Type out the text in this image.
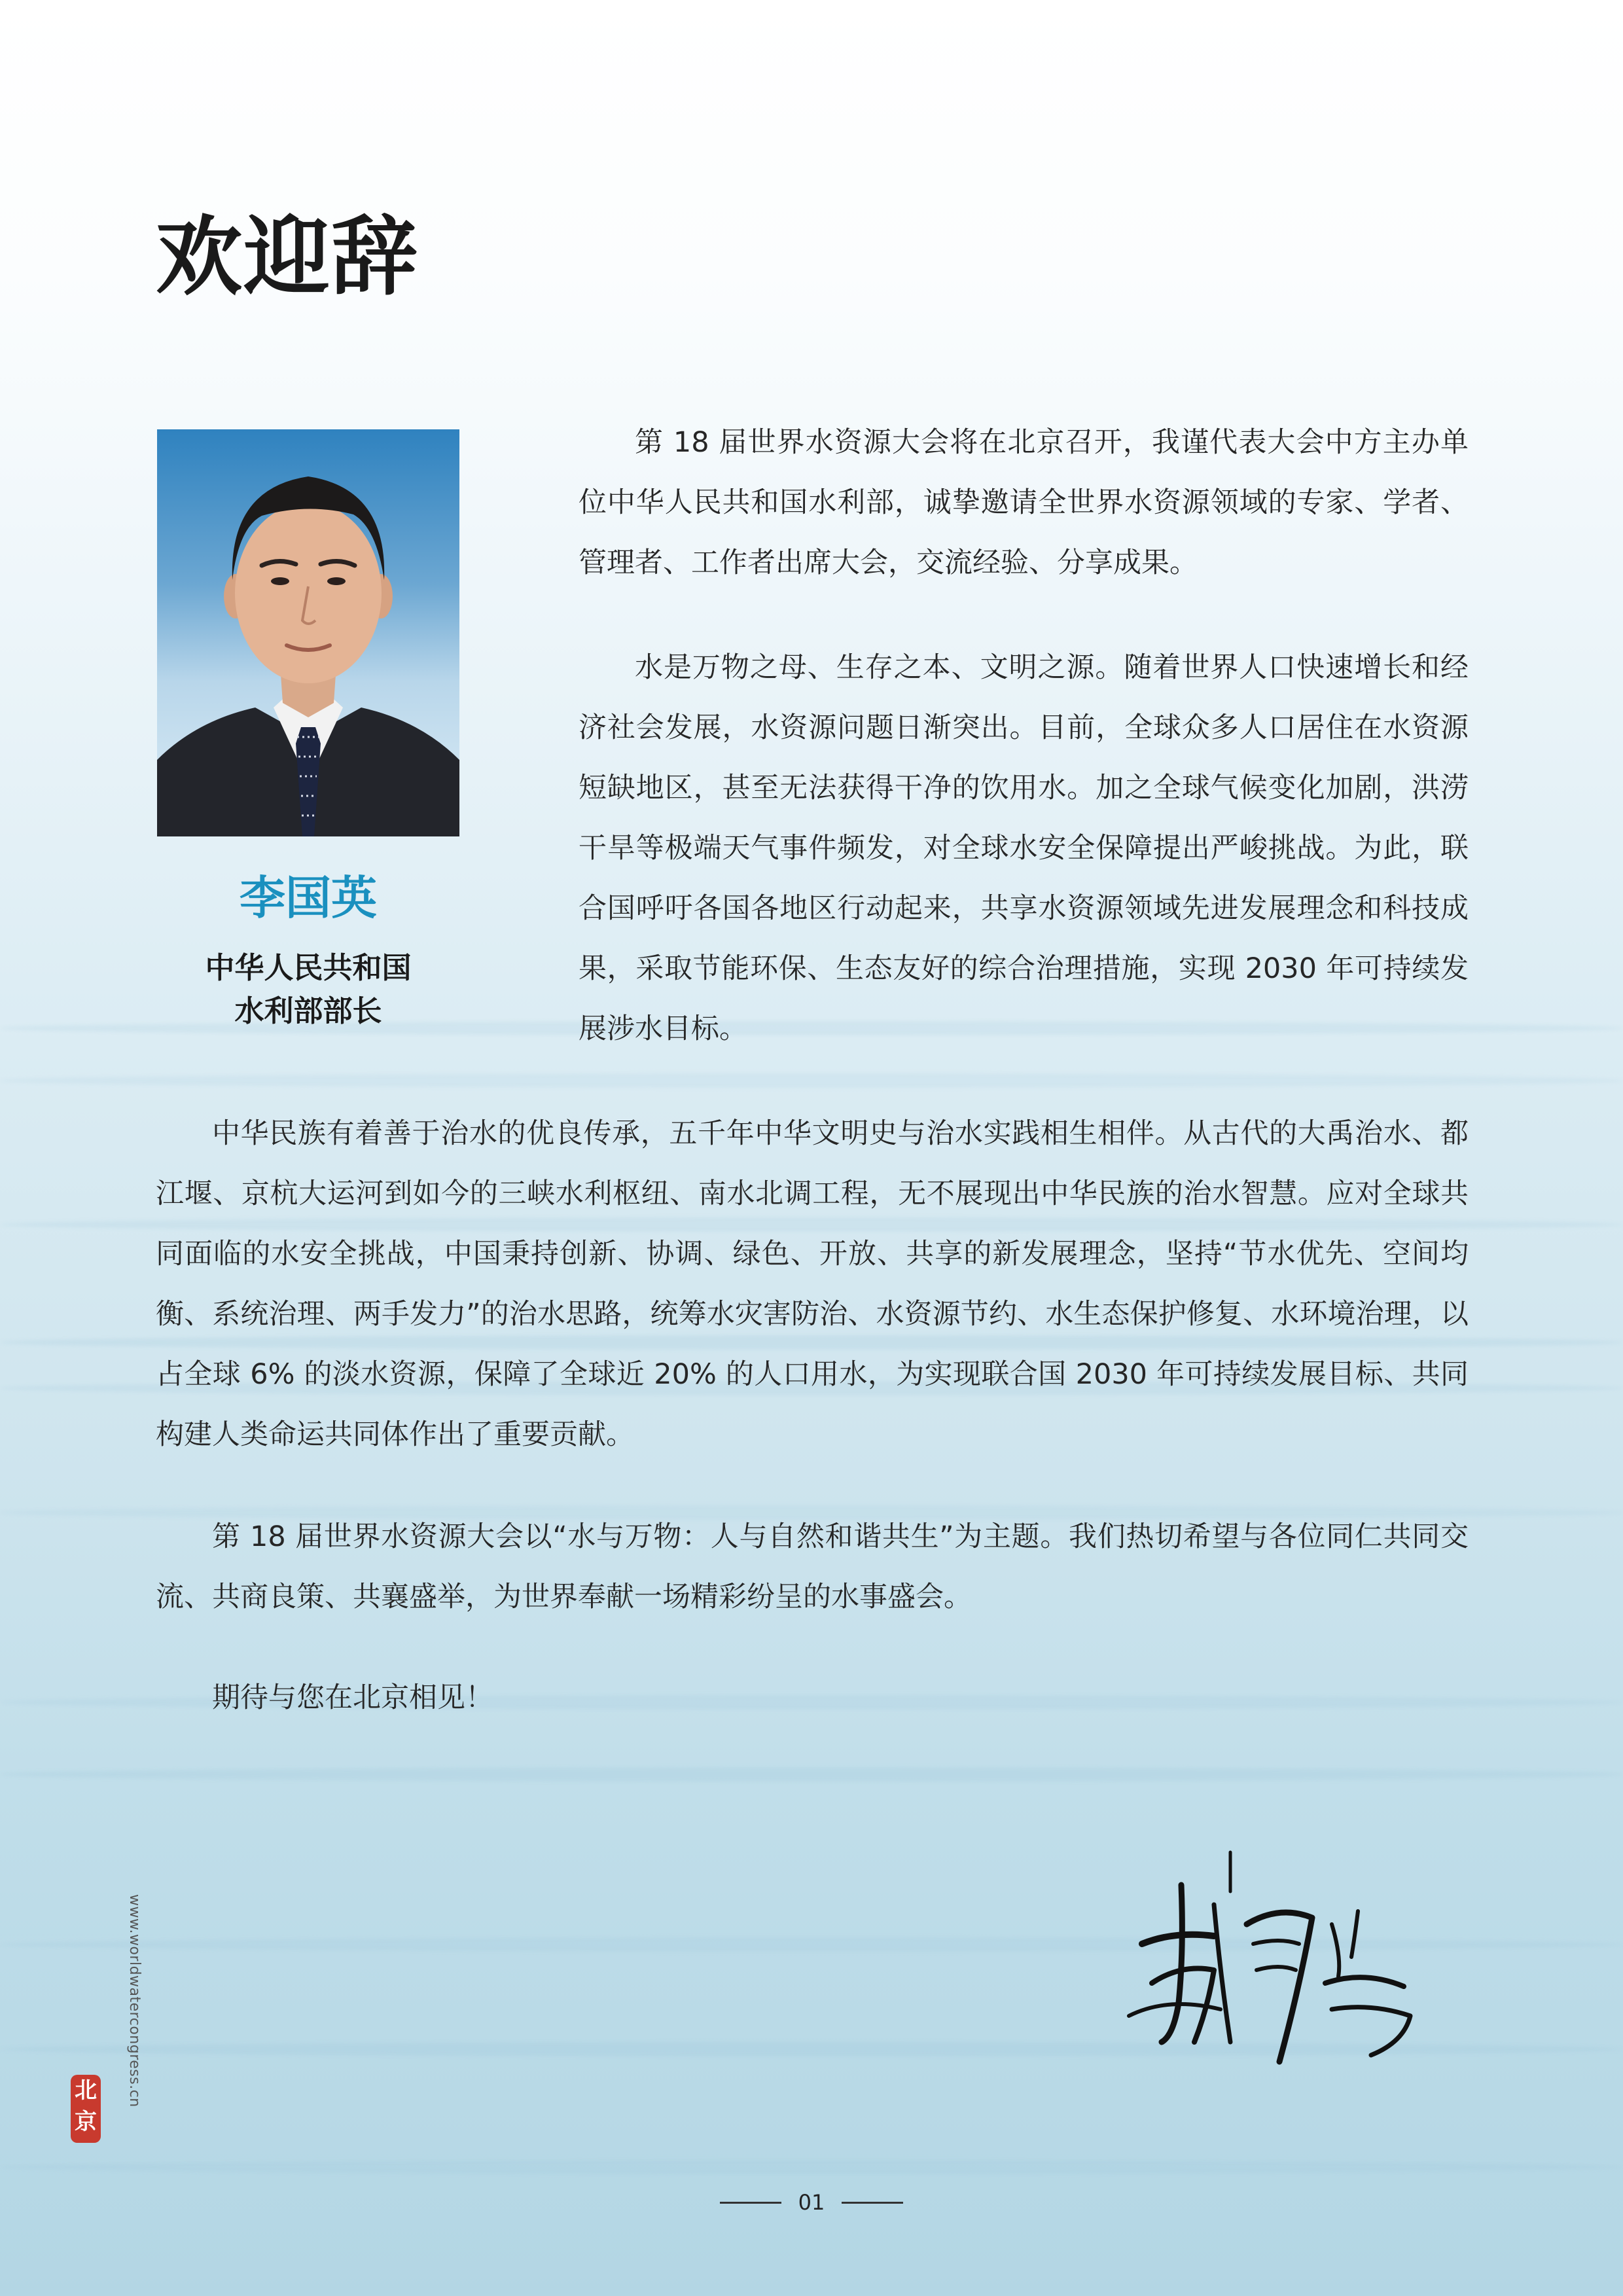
欢迎辞

李国英

中华人民共和国
水利部部长

第 18 届世界水资源大会将在北京召开，我谨代表大会中方主办单位中华人民共和国水利部，诚挚邀请全世界水资源领域的专家、学者、管理者、工作者出席大会，交流经验、分享成果。

水是万物之母、生存之本、文明之源。随着世界人口快速增长和经济社会发展，水资源问题日渐突出。目前，全球众多人口居住在水资源短缺地区，甚至无法获得干净的饮用水。加之全球气候变化加剧，洪涝干旱等极端天气事件频发，对全球水安全保障提出严峻挑战。为此，联合国呼吁各国各地区行动起来，共享水资源领域先进发展理念和科技成果，采取节能环保、生态友好的综合治理措施，实现 2030 年可持续发展涉水目标。

中华民族有着善于治水的优良传承，五千年中华文明史与治水实践相生相伴。从古代的大禹治水、都江堰、京杭大运河到如今的三峡水利枢纽、南水北调工程，无不展现出中华民族的治水智慧。应对全球共同面临的水安全挑战，中国秉持创新、协调、绿色、开放、共享的新发展理念，坚持“节水优先、空间均衡、系统治理、两手发力”的治水思路，统筹水灾害防治、水资源节约、水生态保护修复、水环境治理，以占全球 6% 的淡水资源，保障了全球近 20% 的人口用水，为实现联合国 2030 年可持续发展目标、共同构建人类命运共同体作出了重要贡献。

第 18 届世界水资源大会以“水与万物：人与自然和谐共生”为主题。我们热切希望与各位同仁共同交流、共商良策、共襄盛举，为世界奉献一场精彩纷呈的水事盛会。

期待与您在北京相见！

www.worldwatercongress.cn
北京
01
